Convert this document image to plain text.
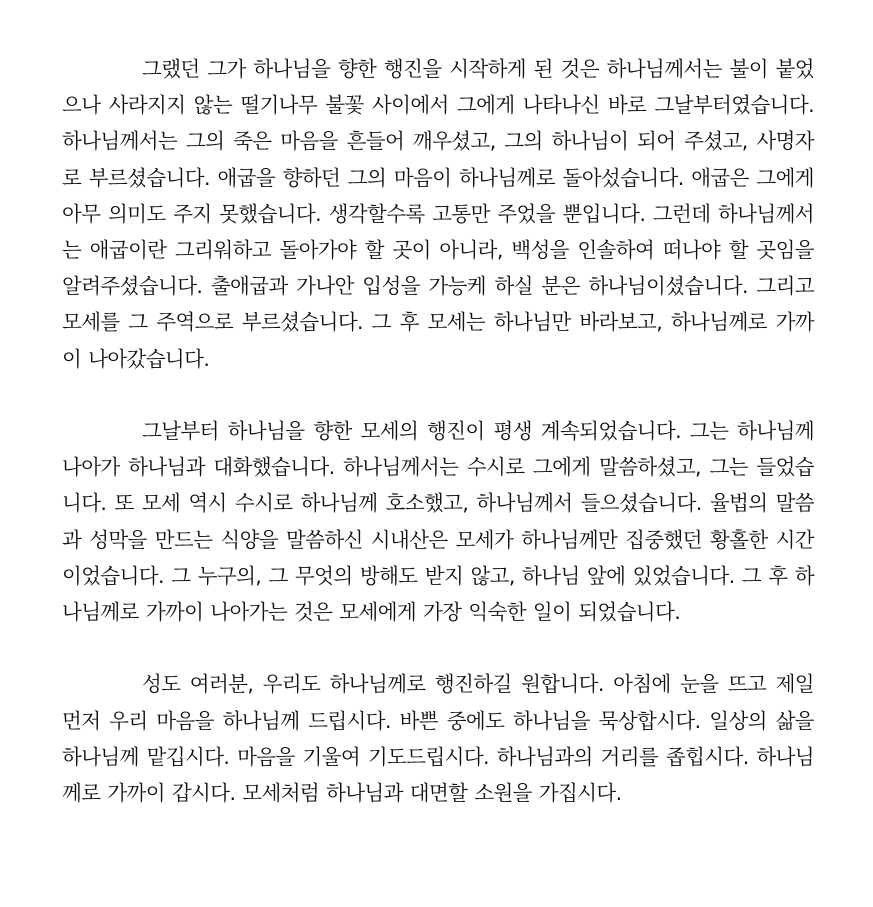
그랬던 그가 하나님을 향한 행진을 시작하게 된 것은 하나님께서는 불이 붙었으나 사라지지 않는 떨기나무 불꽃 사이에서 그에게 나타나신 바로 그날부터였습니다. 하나님께서는 그의 죽은 마음을 흔들어 깨우셨고, 그의 하나님이 되어 주셨고, 사명자로 부르셨습니다. 애굽을 향하던 그의 마음이 하나님께로 돌아섰습니다. 애굽은 그에게 아무 의미도 주지 못했습니다. 생각할수록 고통만 주었을 뿐입니다. 그런데 하나님께서는 애굽이란 그리워하고 돌아가야 할 곳이 아니라, 백성을 인솔하여 떠나야 할 곳임을 알려주셨습니다. 출애굽과 가나안 입성을 가능케 하실 분은 하나님이셨습니다. 그리고 모세를 그 주역으로 부르셨습니다. 그 후 모세는 하나님만 바라보고, 하나님께로 가까이 나아갔습니다.

그날부터 하나님을 향한 모세의 행진이 평생 계속되었습니다. 그는 하나님께 나아가 하나님과 대화했습니다. 하나님께서는 수시로 그에게 말씀하셨고, 그는 들었습니다. 또 모세 역시 수시로 하나님께 호소했고, 하나님께서 들으셨습니다. 율법의 말씀과 성막을 만드는 식양을 말씀하신 시내산은 모세가 하나님께만 집중했던 황홀한 시간이었습니다. 그 누구의, 그 무엇의 방해도 받지 않고, 하나님 앞에 있었습니다. 그 후 하나님께로 가까이 나아가는 것은 모세에게 가장 익숙한 일이 되었습니다.

성도 여러분, 우리도 하나님께로 행진하길 원합니다. 아침에 눈을 뜨고 제일 먼저 우리 마음을 하나님께 드립시다. 바쁜 중에도 하나님을 묵상합시다. 일상의 삶을 하나님께 맡깁시다. 마음을 기울여 기도드립시다. 하나님과의 거리를 좁힙시다. 하나님께로 가까이 갑시다. 모세처럼 하나님과 대면할 소원을 가집시다.
